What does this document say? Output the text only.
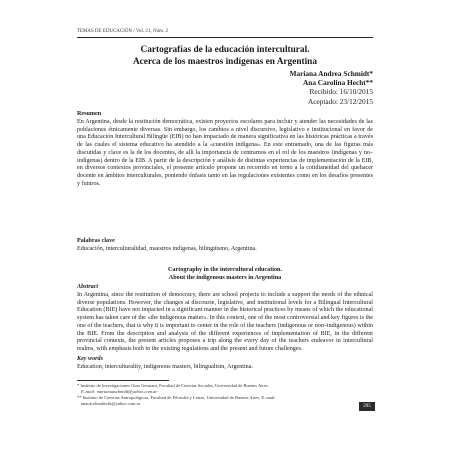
TEMAS DE EDUCACIÓN / Vol. 21, Núm. 2
Cartografías de la educación intercultural.
Acerca de los maestros indígenas en Argentina
Mariana Andrea Schmidt*
Ana Carolina Hecht**
Recibido: 16/10/2015
Aceptado: 23/12/2015
Resumen
En Argentina, desde la restitución democrática, existen proyectos escolares para incluir y atender las necesidades de las poblaciones étnicamente diversas. Sin embargo, los cambios a nivel discursivo, legislativo e institucional en favor de una Educación Intercultural Bilingüe (EIB) no han impactado de manera significativa en las históricas prácticas a través de las cuales el sistema educativo ha atendido a la «cuestión indígena». En este entramado, una de las figuras más discutidas y clave es la de los docentes, de allí la importancia de centrarnos en el rol de los maestros (indígenas y no–indígenas) dentro de la EIB. A partir de la descripción y análisis de distintas experiencias de implementación de la EIB, en diversos contextos provinciales, el presente artículo propone un recorrido en torno a la cotidianeidad del quehacer docente en ámbitos interculturales, poniendo énfasis tanto en las regulaciones existentes como en los desafíos presentes y futuros.
Palabras clave
Educación, interculturalidad, maestros indígenas, bilingüismo, Argentina.
Cartography in the intercultural education.
About the indigenous masters in Argentina
Abstract
In Argentina, since the restitution of democracy, there are school projects to include a support the needs of the ethnical diverse populations. However, the changes at discourse, legislative, and institutional levels for a Bilingual Intercultural Education (BIE) have not impacted in a significant manner in the historical practices by means of which the educational system has taken care of the «the indigenous matter». In this context, one of the most controversial and key figures is the one of the teachers, that is why it is important to center in the role of the teachers (indigenous or non–indigenous) within the BIE. From the description and analysis of the different experiences of implementation of BIE, in the different provincial contexts, the present articles proposes a trip along the every day of the teachers endeavor in intercultural realms, with emphasis both in the existing regulations and the present and future challenges.
Key words
Education, interculturality, indigenous masters, bilingualism, Argentina.
* Instituto de Investigaciones Gino Germani, Facultad de Ciencias Sociales, Universidad de Buenos Aires.
E–mail: marianaaschmidt@yahoo.com.ar
** Instituto de Ciencias Antropológicas, Facultad de Filosofía y Letras, Universidad de Buenos Aires. E–mail:
anacarolinahecht@yahoo.com.ar
295
